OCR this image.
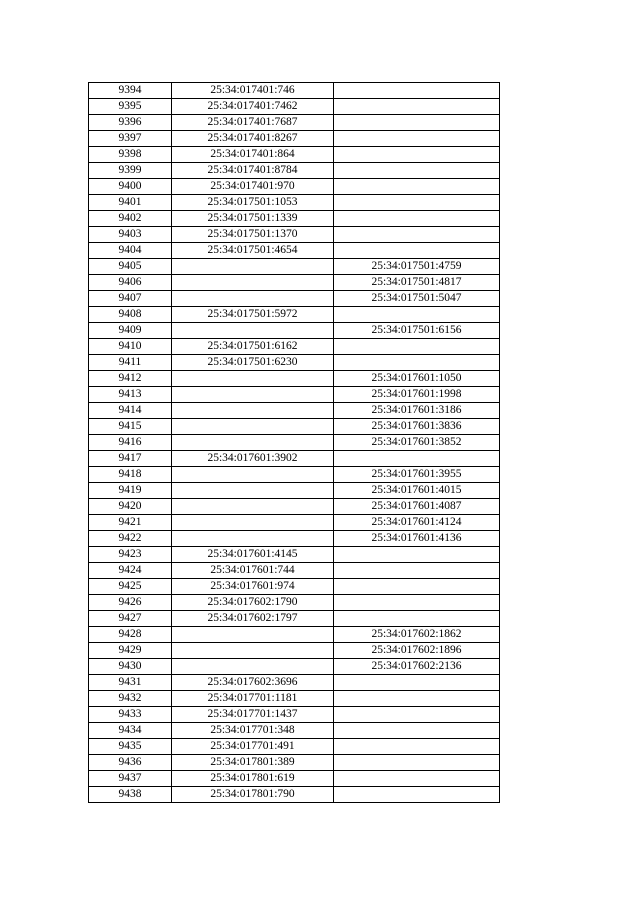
9394	25:34:017401:746	
9395	25:34:017401:7462	
9396	25:34:017401:7687	
9397	25:34:017401:8267	
9398	25:34:017401:864	
9399	25:34:017401:8784	
9400	25:34:017401:970	
9401	25:34:017501:1053	
9402	25:34:017501:1339	
9403	25:34:017501:1370	
9404	25:34:017501:4654	
9405		25:34:017501:4759
9406		25:34:017501:4817
9407		25:34:017501:5047
9408	25:34:017501:5972	
9409		25:34:017501:6156
9410	25:34:017501:6162	
9411	25:34:017501:6230	
9412		25:34:017601:1050
9413		25:34:017601:1998
9414		25:34:017601:3186
9415		25:34:017601:3836
9416		25:34:017601:3852
9417	25:34:017601:3902	
9418		25:34:017601:3955
9419		25:34:017601:4015
9420		25:34:017601:4087
9421		25:34:017601:4124
9422		25:34:017601:4136
9423	25:34:017601:4145	
9424	25:34:017601:744	
9425	25:34:017601:974	
9426	25:34:017602:1790	
9427	25:34:017602:1797	
9428		25:34:017602:1862
9429		25:34:017602:1896
9430		25:34:017602:2136
9431	25:34:017602:3696	
9432	25:34:017701:1181	
9433	25:34:017701:1437	
9434	25:34:017701:348	
9435	25:34:017701:491	
9436	25:34:017801:389	
9437	25:34:017801:619	
9438	25:34:017801:790	
